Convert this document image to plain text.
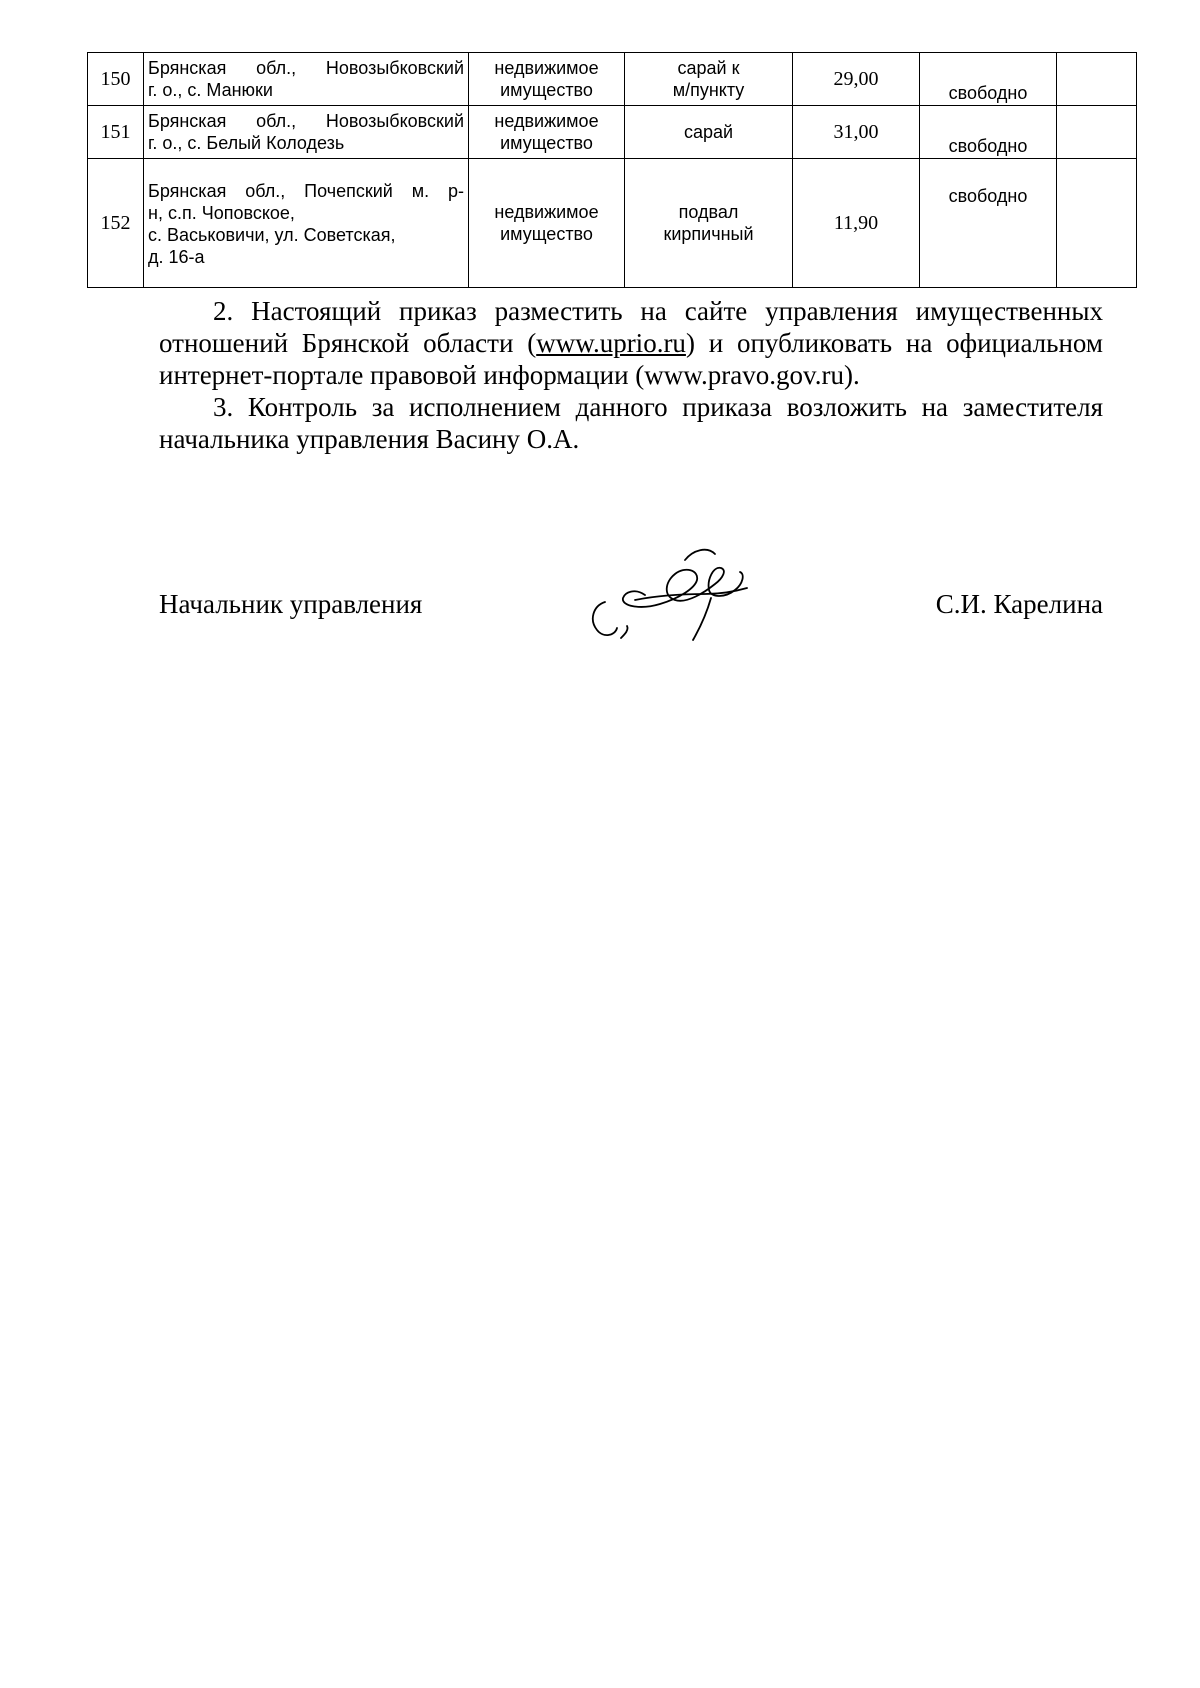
150	Брянская обл., Новозыбковский
г. о., с. Манюки	недвижимое
имущество	сарай к
м/пункту	29,00	свободно	
151	Брянская обл., Новозыбковский
г. о., с. Белый Колодезь	недвижимое
имущество	сарай	31,00	свободно	
152	Брянская обл., Почепский м. р-
н, с.п. Чоповское,
с. Васьковичи, ул. Советская,
д. 16-а	недвижимое
имущество	подвал
кирпичный	11,90	свободно	

2. Настоящий приказ разместить на сайте управления имущественных отношений Брянской области (www.uprio.ru) и опубликовать на официальном интернет-портале правовой информации (www.pravo.gov.ru).

3. Контроль за исполнением данного приказа возложить на заместителя начальника управления Васину О.А.

Начальник управления	С.И. Карелина
